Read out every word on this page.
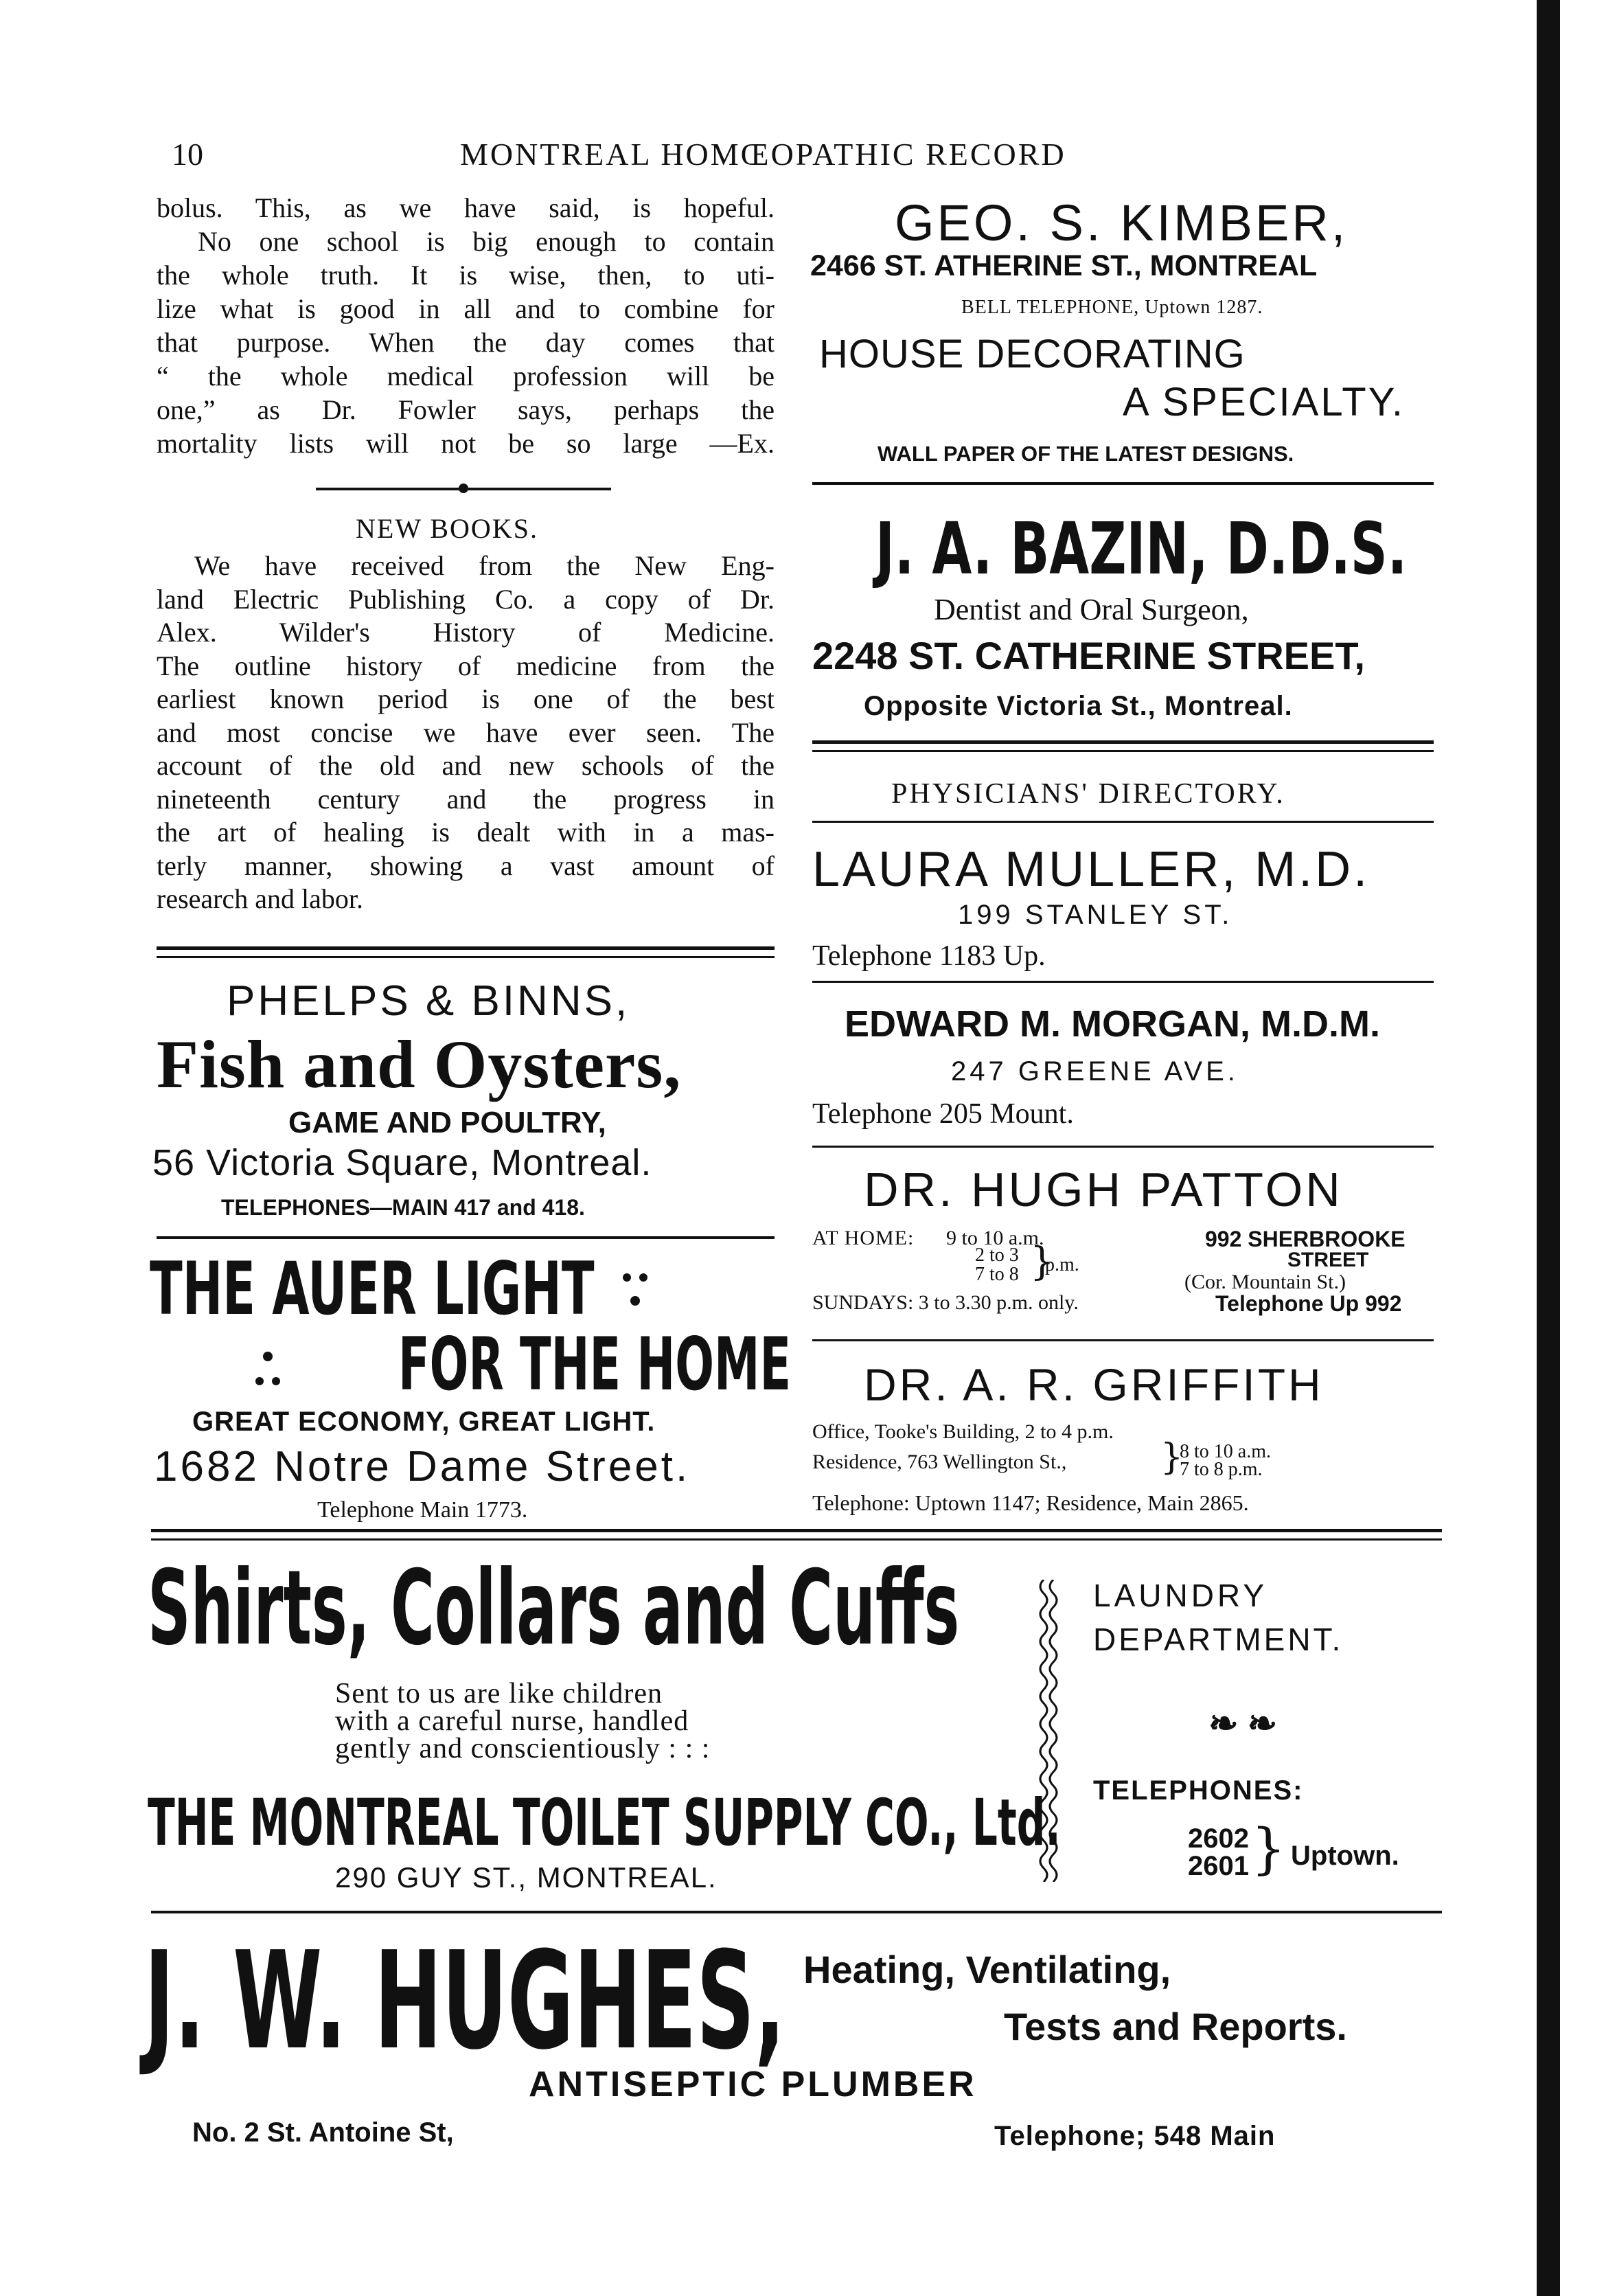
10	MONTREAL HOMŒOPATHIC RECORD

bolus. This, as we have said, is hopeful.

No one school is big enough to contain

the whole truth. It is wise, then, to uti-

lize what is good in all and to combine for

that purpose. When the day comes that

“ the whole medical profession will be

one,” as Dr. Fowler says, perhaps the

mortality lists will not be so large —Ex.

NEW BOOKS.

We have received from the New Eng-

land Electric Publishing Co. a copy of Dr.

Alex. Wilder's History of Medicine.

The outline history of medicine from the

earliest known period is one of the best

and most concise we have ever seen. The

account of the old and new schools of the

nineteenth century and the progress in

the art of healing is dealt with in a mas-

terly manner, showing a vast amount of

research and labor.

PHELPS & BINNS,
Fish and Oysters,
GAME AND POULTRY,
56 Victoria Square, Montreal.
TELEPHONES—MAIN 417 and 418.
THE AUER LIGHT
FOR THE HOME
GREAT ECONOMY, GREAT LIGHT.
1682 Notre Dame Street.
Telephone Main 1773.
GEO. S. KIMBER,
2466 ST. ATHERINE ST., MONTREAL
BELL TELEPHONE, Uptown 1287.
HOUSE DECORATING
A SPECIALTY.
WALL PAPER OF THE LATEST DESIGNS.
J. A. BAZIN, D.D.S.
Dentist and Oral Surgeon,
2248 ST. CATHERINE STREET,
Opposite Victoria St., Montreal.
PHYSICIANS' DIRECTORY.
LAURA MULLER, M.D.
199 STANLEY ST.
Telephone 1183 Up.
EDWARD M. MORGAN, M.D.M.
247 GREENE AVE.
Telephone 205 Mount.
DR. HUGH PATTON
AT HOME: 9 to 10 a.m.
2 to 3
7 to 8 }
p.m.
SUNDAYS: 3 to 3.30 p.m. only.
992 SHERBROOKE
STREET
(Cor. Mountain St.)
Telephone Up 992
DR. A. R. GRIFFITH
Office, Tooke's Building, 2 to 4 p.m.
Residence, 763 Wellington St.,	}
8 to 10 a.m.
7 to 8 p.m.
Telephone: Uptown 1147; Residence, Main 2865.
Shirts, Collars and Cuffs
Sent to us are like children
with a careful nurse, handled
gently and conscientiously : : :
THE MONTREAL TOILET SUPPLY CO., Ltd.
290 GUY ST., MONTREAL.
LAUNDRY
DEPARTMENT.
❧ ❧
TELEPHONES:
2602
2601 } Uptown.
J. W. HUGHES, Heating, Ventilating,
Tests and Reports.
ANTISEPTIC PLUMBER
No. 2 St. Antoine St,	Telephone; 548 Main
